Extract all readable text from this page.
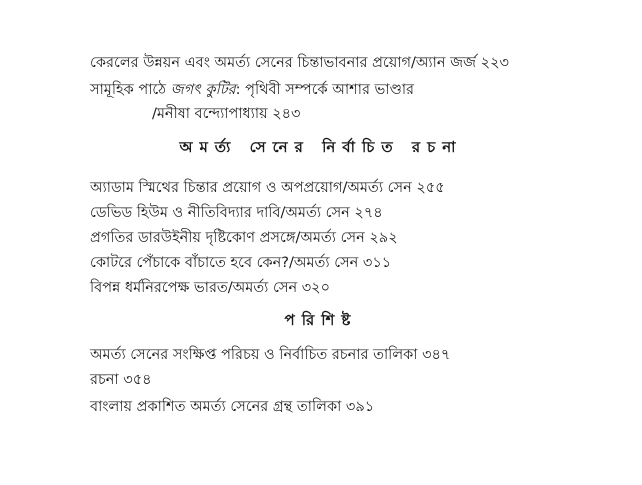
কেরলের উন্নয়ন এবং অমর্ত্য সেনের চিন্তাভাবনার প্রয়োগ/অ্যান জর্জ ২২৩
সামূহিক পাঠে জগৎ কুটির: পৃথিবী সম্পর্কে আশার ভাণ্ডার
/মনীষা বন্দ্যোপাধ্যায় ২৪৩
অমর্ত্য সেনের নির্বাচিত রচনা
অ্যাডাম স্মিথের চিন্তার প্রয়োগ ও অপপ্রয়োগ/অমর্ত্য সেন ২৫৫
ডেভিড হিউম ও নীতিবিদ্যার দাবি/অমর্ত্য সেন ২৭৪
প্রগতির ডারউইনীয় দৃষ্টিকোণ প্রসঙ্গে/অমর্ত্য সেন ২৯২
কোটরে পেঁচাকে বাঁচাতে হবে কেন?/অমর্ত্য সেন ৩১১
বিপন্ন ধর্মনিরপেক্ষ ভারত/অমর্ত্য সেন ৩২০
পরিশিষ্ট
অমর্ত্য সেনের সংক্ষিপ্ত পরিচয় ও নির্বাচিত রচনার তালিকা ৩৪৭
রচনা ৩৫৪
বাংলায় প্রকাশিত অমর্ত্য সেনের গ্রন্থ তালিকা ৩৯১
